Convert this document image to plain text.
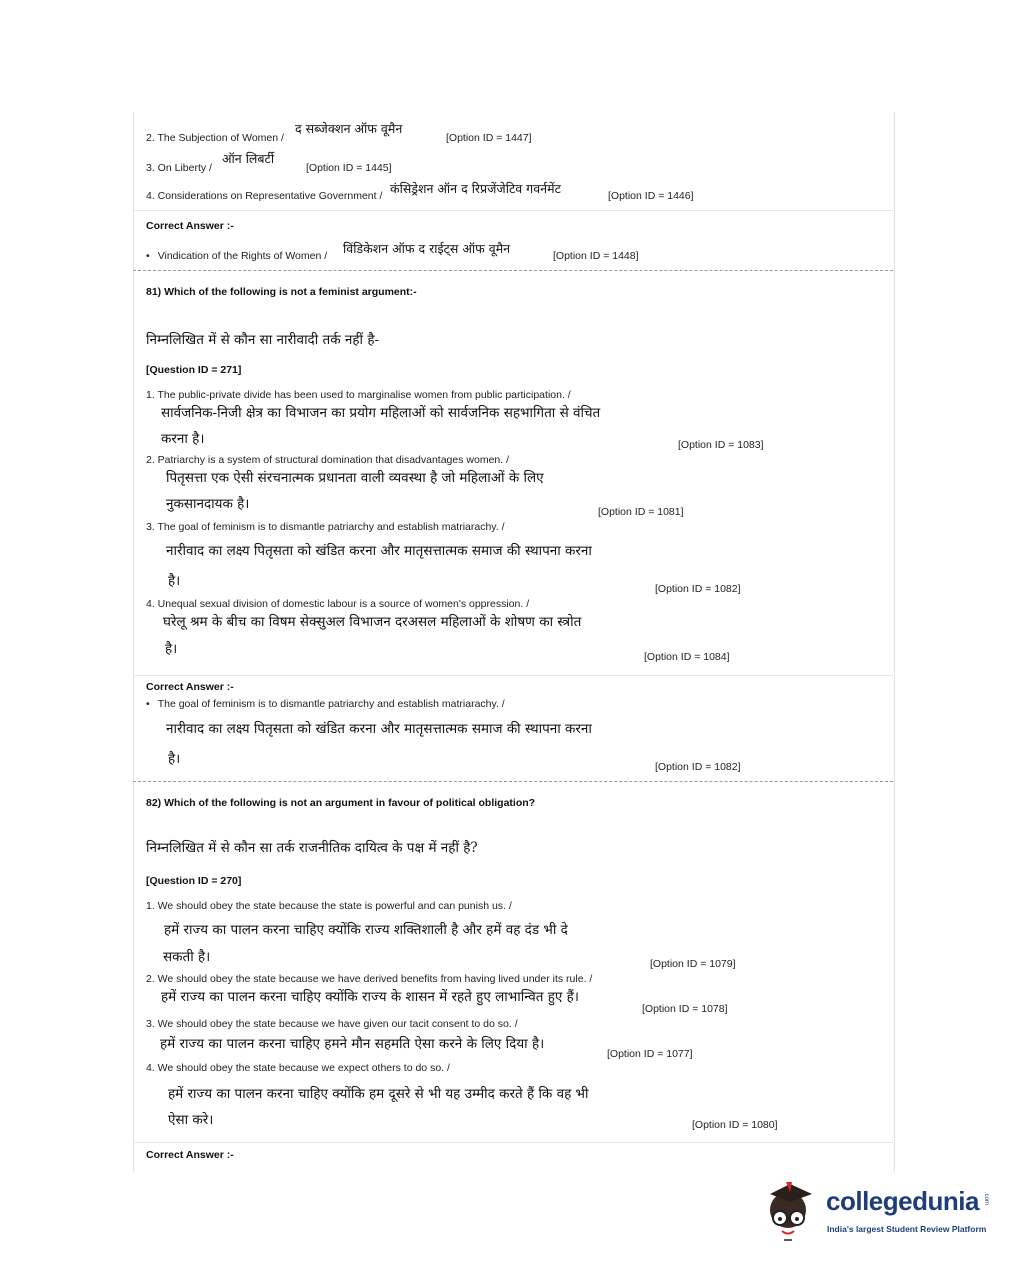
2. The Subjection of Women /
द सब्जेक्शन ऑफ वूमैन
[Option ID = 1447]
3. On Liberty /
ऑन लिबर्टी
[Option ID = 1445]
4. Considerations on Representative Government / कंसिड्रेशन ऑन द रिप्रजेंजेटिव गवर्नमेंट	[Option ID = 1446]
Correct Answer :-
• Vindication of the Rights of Women / विंडिकेशन ऑफ द राईट्स ऑफ वूमैन	[Option ID = 1448]
81) Which of the following is not a feminist argument:-
निम्नलिखित में से कौन सा नारीवादी तर्क नहीं है-
[Question ID = 271]
1. The public-private divide has been used to marginalise women from public participation. /
सार्वजनिक-निजी क्षेत्र का विभाजन का प्रयोग महिलाओं को सार्वजनिक सहभागिता से वंचित
करना है।	[Option ID = 1083]
2. Patriarchy is a system of structural domination that disadvantages women. /
पितृसत्ता एक ऐसी संरचनात्मक प्रधानता वाली व्यवस्था है जो महिलाओं के लिए
नुकसानदायक है।	[Option ID = 1081]
3. The goal of feminism is to dismantle patriarchy and establish matriarachy. /
नारीवाद का लक्ष्य पितृसता को खंडित करना और मातृसत्तात्मक समाज की स्थापना करना
है।	[Option ID = 1082]
4. Unequal sexual division of domestic labour is a source of women's oppression. /
घरेलू श्रम के बीच का विषम सेक्सुअल विभाजन दरअसल महिलाओं के शोषण का स्त्रोत
है।	[Option ID = 1084]
Correct Answer :-
• The goal of feminism is to dismantle patriarchy and establish matriarachy. /
नारीवाद का लक्ष्य पितृसता को खंडित करना और मातृसत्तात्मक समाज की स्थापना करना
है।	[Option ID = 1082]
82) Which of the following is not an argument in favour of political obligation?
निम्नलिखित में से कौन सा तर्क राजनीतिक दायित्व के पक्ष में नहीं है?
[Question ID = 270]
1. We should obey the state because the state is powerful and can punish us. /
हमें राज्य का पालन करना चाहिए क्योंकि राज्य शक्तिशाली है और हमें वह दंड भी दे
सकती है।	[Option ID = 1079]
2. We should obey the state because we have derived benefits from having lived under its rule. /
हमें राज्य का पालन करना चाहिए क्योंकि राज्य के शासन में रहते हुए लाभान्वित हुए हैं।
[Option ID = 1078]
3. We should obey the state because we have given our tacit consent to do so. /
हमें राज्य का पालन करना चाहिए हमने मौन सहमति ऐसा करने के लिए दिया है।
[Option ID = 1077]
4. We should obey the state because we expect others to do so. /
हमें राज्य का पालन करना चाहिए क्योंकि हम दूसरे से भी यह उम्मीद करते हैं कि वह भी
ऐसा करे।	[Option ID = 1080]
Correct Answer :-
collegedunia .com
India's largest Student Review Platform
